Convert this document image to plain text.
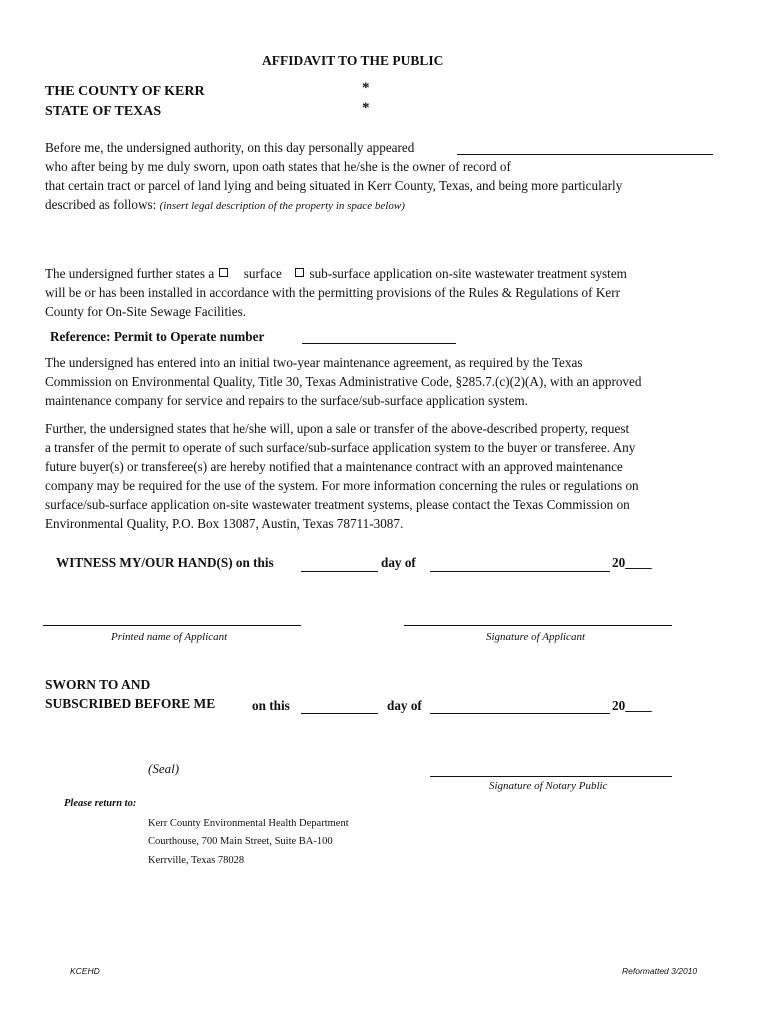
AFFIDAVIT TO THE PUBLIC
THE COUNTY OF KERR
STATE OF TEXAS
*
*
Before me, the undersigned authority, on this day personally appeared
who after being by me duly sworn, upon oath states that he/she is the owner of record of
that certain tract or parcel of land lying and being situated in Kerr County, Texas, and being more particularly
described as follows: (insert legal description of the property in space below)
The undersigned further states a surface sub-surface application on-site wastewater treatment system
will be or has been installed in accordance with the permitting provisions of the Rules & Regulations of Kerr
County for On-Site Sewage Facilities.
Reference: Permit to Operate number
The undersigned has entered into an initial two-year maintenance agreement, as required by the Texas
Commission on Environmental Quality, Title 30, Texas Administrative Code, §285.7.(c)(2)(A), with an approved
maintenance company for service and repairs to the surface/sub-surface application system.
Further, the undersigned states that he/she will, upon a sale or transfer of the above-described property, request
a transfer of the permit to operate of such surface/sub-surface application system to the buyer or transferee. Any
future buyer(s) or transferee(s) are hereby notified that a maintenance contract with an approved maintenance
company may be required for the use of the system. For more information concerning the rules or regulations on
surface/sub-surface application on-site wastewater treatment systems, please contact the Texas Commission on
Environmental Quality, P.O. Box 13087, Austin, Texas 78711-3087.
WITNESS MY/OUR HAND(S) on this	day of	20____
Printed name of Applicant	Signature of Applicant
SWORN TO AND
SUBSCRIBED BEFORE ME	on this	day of	20____
(Seal)
Signature of Notary Public
Please return to:
Kerr County Environmental Health Department
Courthouse, 700 Main Street, Suite BA-100
Kerrville, Texas 78028
KCEHD	Reformatted 3/2010
